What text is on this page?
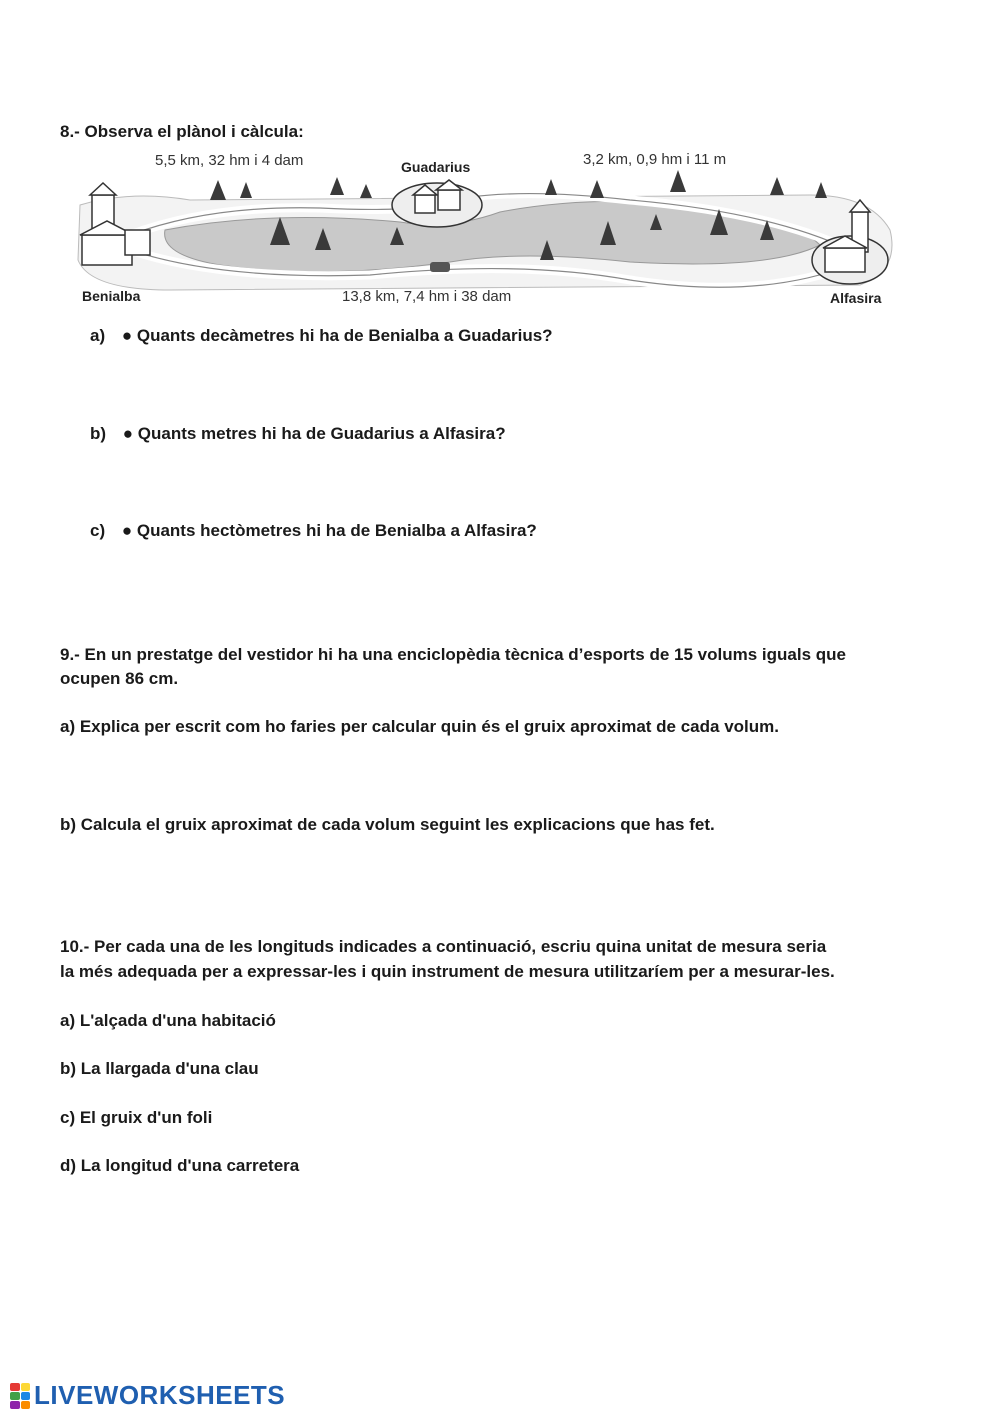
8.- Observa el plànol i càlcula:
5,5 km, 32 hm i 4 dam	Guadarius	3,2 km, 0,9 hm i 11 m
Benialba	13,8 km, 7,4 hm i 38 dam	Alfasira
a) ● Quants decàmetres hi ha de Benialba a Guadarius?
b) ● Quants metres hi ha de Guadarius a Alfasira?
c) ● Quants hectòmetres hi ha de Benialba a Alfasira?
9.- En un prestatge del vestidor hi ha una enciclopèdia tècnica d’esports de 15 volums iguals que
ocupen 86 cm.
a) Explica per escrit com ho faries per calcular quin és el gruix aproximat de cada volum.
b) Calcula el gruix aproximat de cada volum seguint les explicacions que has fet.
10.- Per cada una de les longituds indicades a continuació, escriu quina unitat de mesura seria
la més adequada per a expressar-les i quin instrument de mesura utilitzaríem per a mesurar-les.
a) L'alçada d'una habitació
b) La llargada d'una clau
c) El gruix d'un foli
d) La longitud d'una carretera
LIVEWORKSHEETS
